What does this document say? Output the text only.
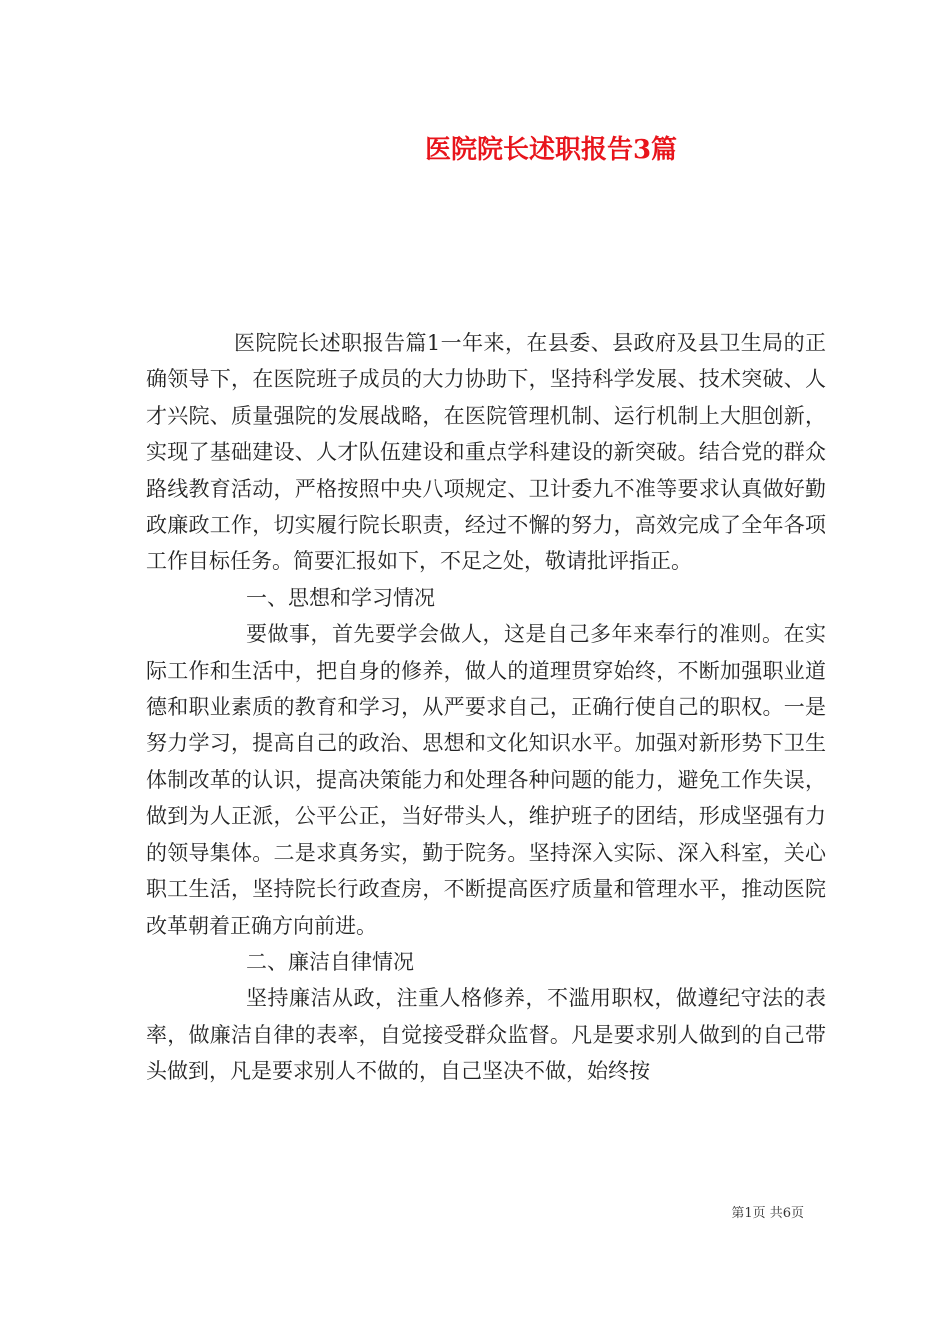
医院院长述职报告3篇

医院院长述职报告篇1一年来，在县委、县政府及县卫生局的正确领导下，在医院班子成员的大力协助下，坚持科学发展、技术突破、人才兴院、质量强院的发展战略，在医院管理机制、运行机制上大胆创新，实现了基础建设、人才队伍建设和重点学科建设的新突破。结合党的群众路线教育活动，严格按照中央八项规定、卫计委九不准等要求认真做好勤政廉政工作，切实履行院长职责，经过不懈的努力，高效完成了全年各项工作目标任务。简要汇报如下，不足之处，敬请批评指正。

一、思想和学习情况

要做事，首先要学会做人，这是自己多年来奉行的准则。在实际工作和生活中，把自身的修养，做人的道理贯穿始终，不断加强职业道德和职业素质的教育和学习，从严要求自己，正确行使自己的职权。一是努力学习，提高自己的政治、思想和文化知识水平。加强对新形势下卫生体制改革的认识，提高决策能力和处理各种问题的能力，避免工作失误，做到为人正派，公平公正，当好带头人，维护班子的团结，形成坚强有力的领导集体。二是求真务实，勤于院务。坚持深入实际、深入科室，关心职工生活，坚持院长行政查房，不断提高医疗质量和管理水平，推动医院改革朝着正确方向前进。

二、廉洁自律情况

坚持廉洁从政，注重人格修养，不滥用职权，做遵纪守法的表率，做廉洁自律的表率，自觉接受群众监督。凡是要求别人做到的自己带头做到，凡是要求别人不做的，自己坚决不做，始终按

第1页 共6页
